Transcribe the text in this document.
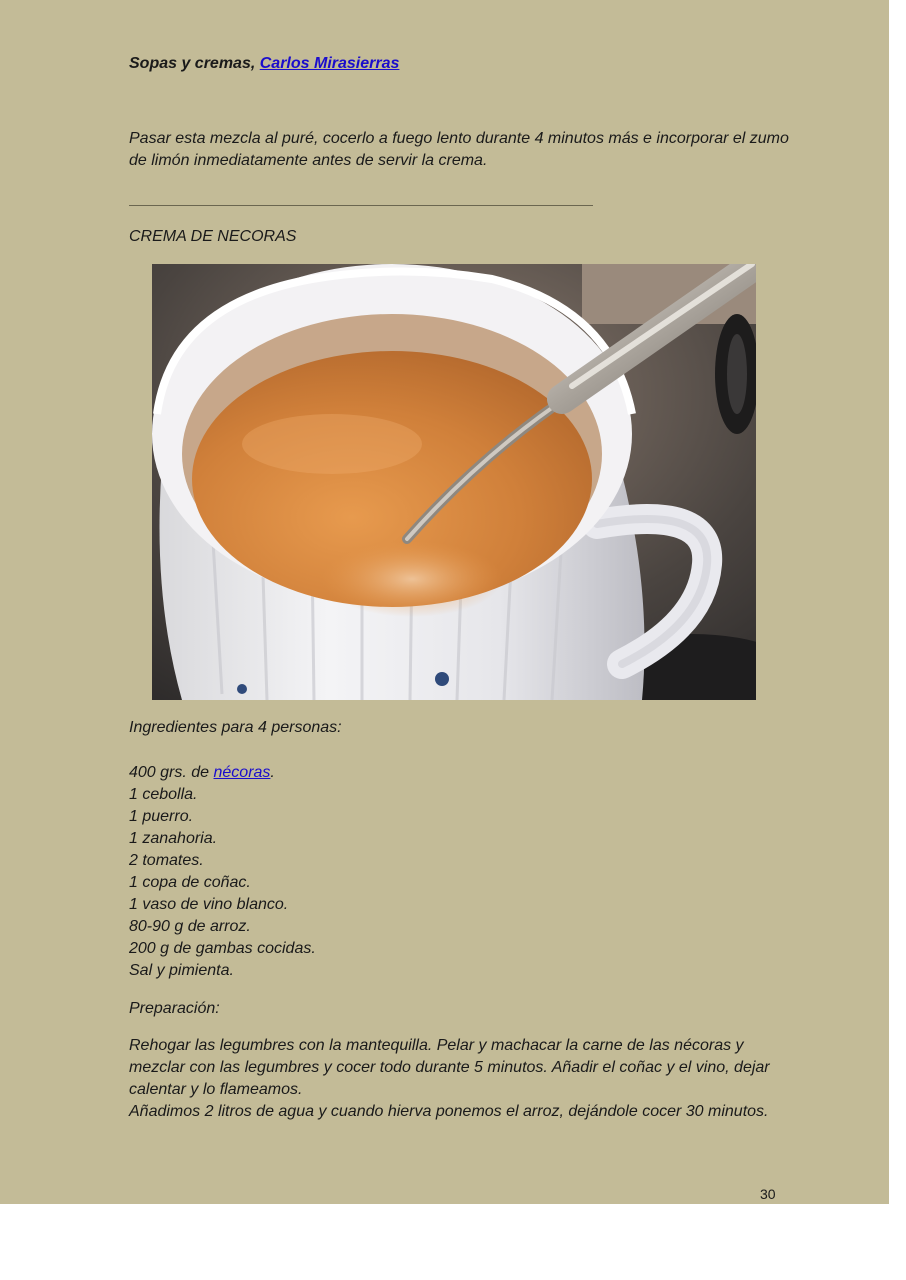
Sopas y cremas, Carlos Mirasierras

Pasar esta mezcla al puré, cocerlo a fuego lento durante 4 minutos más e incorporar el zumo de limón inmediatamente antes de servir la crema.

CREMA DE NECORAS

Ingredientes para 4 personas:

400 grs. de nécoras.
1 cebolla.
1 puerro.
1 zanahoria.
2 tomates.
1 copa de coñac.
1 vaso de vino blanco.
80-90 g de arroz.
200 g de gambas cocidas.
Sal y pimienta.

Preparación:

Rehogar las legumbres con la mantequilla. Pelar y machacar la carne de las nécoras y mezclar con las legumbres y cocer todo durante 5 minutos. Añadir el coñac y el vino, dejar calentar y lo flameamos.
Añadimos 2 litros de agua y cuando hierva ponemos el arroz, dejándole cocer 30 minutos.
30
